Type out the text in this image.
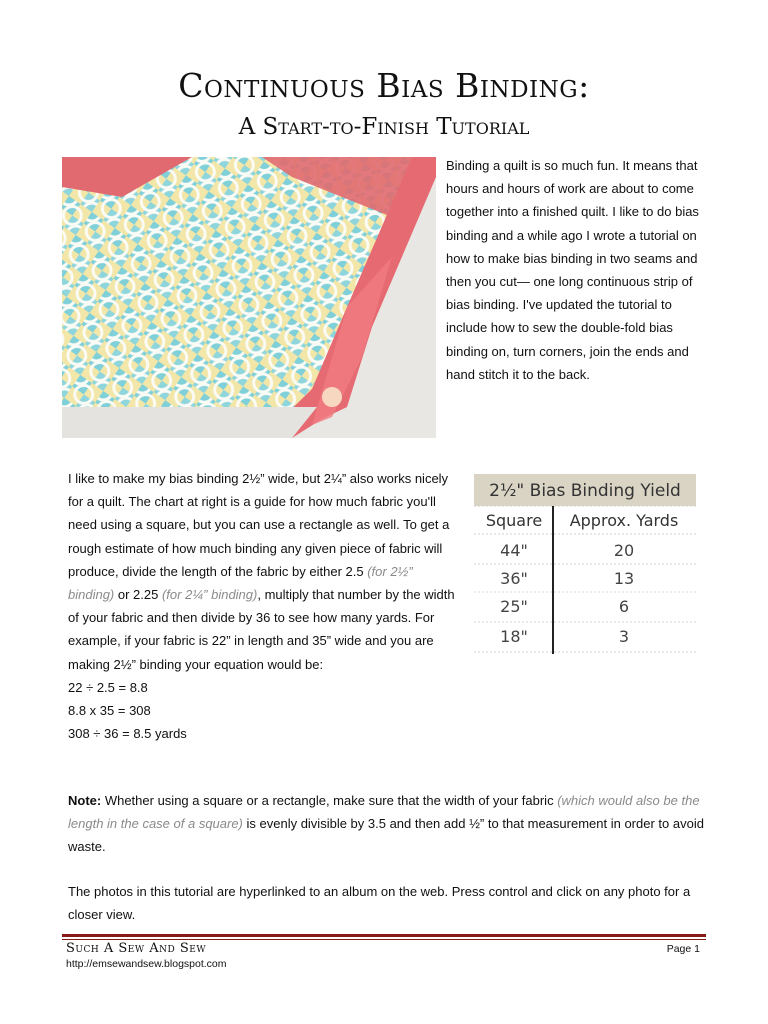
Continuous Bias Binding:
A Start-to-Finish Tutorial
Binding a quilt is so much fun. It means that hours and hours of work are about to come together into a finished quilt. I like to do bias binding and a while ago I wrote a tutorial on how to make bias binding in two seams and then you cut— one long continuous strip of bias binding. I've updated the tutorial to include how to sew the double-fold bias binding on, turn corners, join the ends and hand stitch it to the back.
I like to make my bias binding 2½” wide, but 2¼” also works nicely for a quilt. The chart at right is a guide for how much fabric you'll need using a square, but you can use a rectangle as well. To get a rough estimate of how much binding any given piece of fabric will produce, divide the length of the fabric by either 2.5 (for 2½” binding) or 2.25 (for 2¼” binding), multiply that number by the width of your fabric and then divide by 36 to see how many yards. For example, if your fabric is 22” in length and 35” wide and you are making 2½” binding your equation would be:
22 ÷ 2.5 = 8.8
8.8 x 35 = 308
308 ÷ 36 = 8.5 yards
2½" Bias Binding Yield
Square Approx. Yards
44"	20
36"	13
25"	6
18"	3
Note: Whether using a square or a rectangle, make sure that the width of your fabric (which would also be the length in the case of a square) is evenly divisible by 3.5 and then add ½” to that measurement in order to avoid waste.
The photos in this tutorial are hyperlinked to an album on the web. Press control and click on any photo for a closer view.
Such A Sew And Sew
http://emsewandsew.blogspot.com
Page 1
